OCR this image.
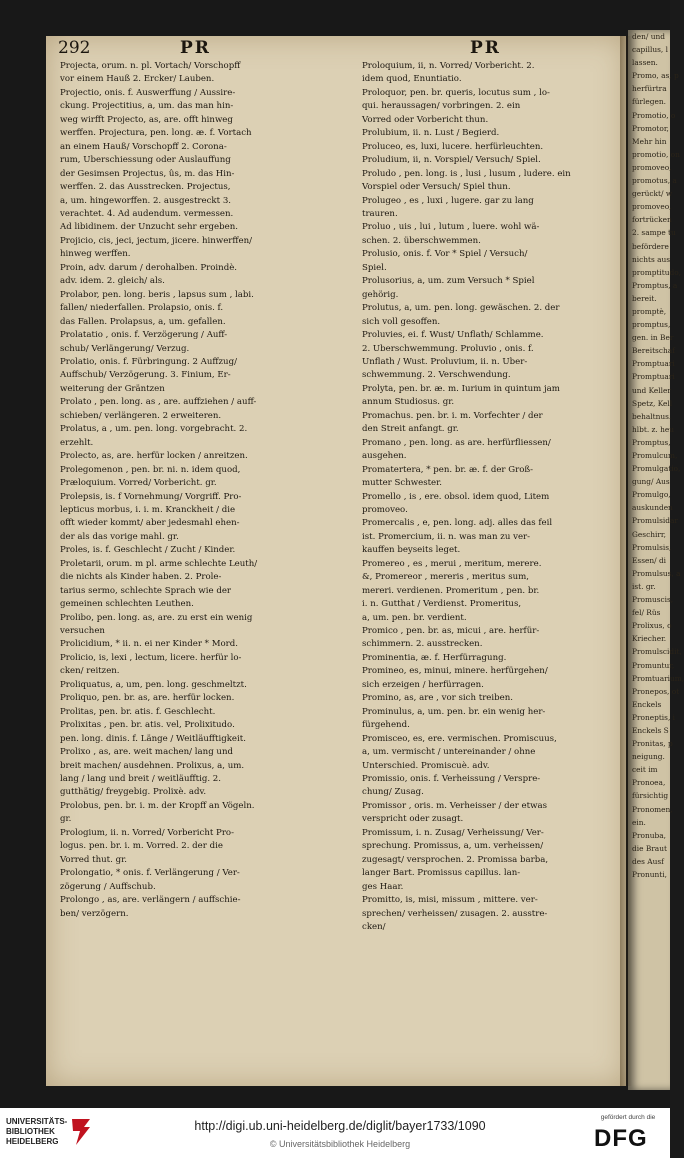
den/ und
capillus, l
lassen.
Promo, as, p
herfürtra
fürlegen.
Promotio, o
Promotor,
Mehr hin
promotio, on
promoveo,
promotus, a
gerückt/ w
promoveo,
fortrücken
2. sampe tu
befördere
nichts aus
promptitudo,
Promptus, a
bereit.
promptè,
promptus,
gen. in Ber
Bereitschaf
Promptuari
Promptuari
und Keller
Spetz, Kell
behaltnus.
hlbt. z. heu
Promptus,
Promulcum,
Promulgatio,
gung/ Aus
Promulgo,
auskunden
Promulsidar
Geschirr,
Promulsis,
Essen/ di
Promulsus, a
ist. gr.
Promuscis,
fel/ Rüs
Prolixus, o
Kriecher.
Promulscidit,
Promuntur,
Promtuarium,
Pronepos, ot
Enckels
Proneptis, i
Enckels S
Pronitas, p
neigung.
ceit im
Pronoea,
fürsichtig
Pronomen,
ein.
Pronuba,
die Braut
des Ausf
Pronunti,
292	PR	PR
Projecta, orum. n. pl. Vortach/ Vorschopff
vor einem Hauß 2. Ercker/ Lauben.
Projectio, onis. f. Auswerffung / Aussire-
ckung. Projectitius, a, um. das man hin-
weg wirfft Projecto, as, are. offt hinweg
werffen. Projectura, pen. long. æ. f. Vortach
an einem Hauß/ Vorschopff 2. Corona-
rum, Uberschiessung oder Auslauffung
der Gesimsen Projectus, ûs, m. das Hin-
werffen. 2. das Ausstrecken. Projectus,
a, um. hingeworffen. 2. ausgestreckt 3.
verachtet. 4. Ad audendum. vermessen.
Ad libidinem. der Unzucht sehr ergeben.
Projicio, cis, jeci, jectum, jicere. hinwerffen/
hinweg werffen.
Proin, adv. darum / derohalben. Proindè.
adv. idem. 2. gleich/ als.
Prolabor, pen. long. beris , lapsus sum , labi.
fallen/ niederfallen. Prolapsio, onis. f.
das Fallen. Prolapsus, a, um. gefallen.
Prolatatio , onis. f. Verzögerung / Auff-
schub/ Verlängerung/ Verzug.
Prolatio, onis. f. Fürbringung. 2 Auffzug/
Auffschub/ Verzögerung. 3. Finium, Er-
weiterung der Gräntzen
Prolato , pen. long. as , are. auffziehen / auff-
schieben/ verlängeren. 2 erweiteren.
Prolatus, a , um. pen. long. vorgebracht. 2.
erzehlt.
Prolecto, as, are. herfür locken / anreitzen.
Prolegomenon , pen. br. ni. n. idem quod,
Præloquium. Vorred/ Vorbericht. gr.
Prolepsis, is. f Vornehmung/ Vorgriff. Pro-
lepticus morbus, i. i. m. Kranckheit / die
offt wieder kommt/ aber jedesmahl ehen-
der als das vorige mahl. gr.
Proles, is. f. Geschlecht / Zucht / Kinder.
Proletarii, orum. m pl. arme schlechte Leuth/
die nichts als Kinder haben. 2. Prole-
tarius sermo, schlechte Sprach wie der
gemeinen schlechten Leuthen.
Prolibo, pen. long. as, are. zu erst ein wenig
versuchen
Prolicidium, * ii. n. ei ner Kinder * Mord.
Prolicio, is, lexi , lectum, licere. herfür lo-
cken/ reitzen.
Proliquatus, a, um, pen. long. geschmeltzt.
Proliquo, pen. br. as, are. herfür locken.
Prolitas, pen. br. atis. f. Geschlecht.
Prolixitas , pen. br. atis. vel, Prolixitudo.
pen. long. dinis. f. Länge / Weitläufftigkeit.
Prolixo , as, are. weit machen/ lang und
breit machen/ ausdehnen. Prolixus, a, um.
lang / lang und breit / weitläufftig. 2.
gutthätig/ freygebig. Prolixè. adv.
Prolobus, pen. br. i. m. der Kropff an Vögeln.
gr.
Prologium, ii. n. Vorred/ Vorbericht Pro-
logus. pen. br. i. m. Vorred. 2. der die
Vorred thut. gr.
Prolongatio, * onis. f. Verlängerung / Ver-
zögerung / Auffschub.
Prolongo , as, are. verlängern / auffschie-
ben/ verzögern.
Proloquium, ii, n. Vorred/ Vorbericht. 2.
idem quod, Enuntiatio.
Proloquor, pen. br. queris, locutus sum , lo-
qui. heraussagen/ vorbringen. 2. ein
Vorred oder Vorbericht thun.
Prolubium, ii. n. Lust / Begierd.
Proluceo, es, luxi, lucere. herfürleuchten.
Proludium, ii, n. Vorspiel/ Versuch/ Spiel.
Proludo , pen. long. is , lusi , lusum , ludere. ein
Vorspiel oder Versuch/ Spiel thun.
Prolugeo , es , luxi , lugere. gar zu lang
trauren.
Proluo , uis , lui , lutum , luere. wohl wä-
schen. 2. überschwemmen.
Prolusio, onis. f. Vor * Spiel / Versuch/
Spiel.
Prolusorius, a, um. zum Versuch * Spiel
gehörig.
Prolutus, a, um. pen. long. gewäschen. 2. der
sich voll gesoffen.
Proluvies, ei. f. Wust/ Unflath/ Schlamme.
2. Uberschwemmung. Proluvio , onis. f.
Unflath / Wust. Proluvium, ii. n. Uber-
schwemmung. 2. Verschwendung.
Prolyta, pen. br. æ. m. Iurium in quintum jam
annum Studiosus. gr.
Promachus. pen. br. i. m. Vorfechter / der
den Streit anfangt. gr.
Promano , pen. long. as are. herfürfliessen/
ausgehen.
Promatertera, * pen. br. æ. f. der Groß-
mutter Schwester.
Promello , is , ere. obsol. idem quod, Litem
promoveo.
Promercalis , e, pen. long. adj. alles das feil
ist. Promercium, ii. n. was man zu ver-
kauffen beyseits leget.
Promereo , es , merui , meritum, merere.
&, Promereor , mereris , meritus sum,
mereri. verdienen. Promeritum , pen. br.
i. n. Gutthat / Verdienst. Promeritus,
a, um. pen. br. verdient.
Promico , pen. br. as, micui , are. herfür-
schimmern. 2. ausstrecken.
Prominentia, æ. f. Herfürragung.
Promineo, es, minui, minere. herfürgehen/
sich erzeigen / herfürragen.
Promino, as, are , vor sich treiben.
Prominulus, a, um. pen. br. ein wenig her-
fürgehend.
Promisceo, es, ere. vermischen. Promiscuus,
a, um. vermischt / untereinander / ohne
Unterschied. Promiscuè. adv.
Promissio, onis. f. Verheissung / Verspre-
chung/ Zusag.
Promissor , oris. m. Verheisser / der etwas
verspricht oder zusagt.
Promissum, i. n. Zusag/ Verheissung/ Ver-
sprechung. Promissus, a, um. verheissen/
zugesagt/ versprochen. 2. Promissa barba,
langer Bart. Promissus capillus. lan-
ges Haar.
Promitto, is, misi, missum , mittere. ver-
sprechen/ verheissen/ zusagen. 2. ausstre-
cken/
UNIVERSITÄTS-
BIBLIOTHEK
HEIDELBERG
http://digi.ub.uni-heidelberg.de/diglit/bayer1733/1090
© Universitätsbibliothek Heidelberg
gefördert durch die
DFG
